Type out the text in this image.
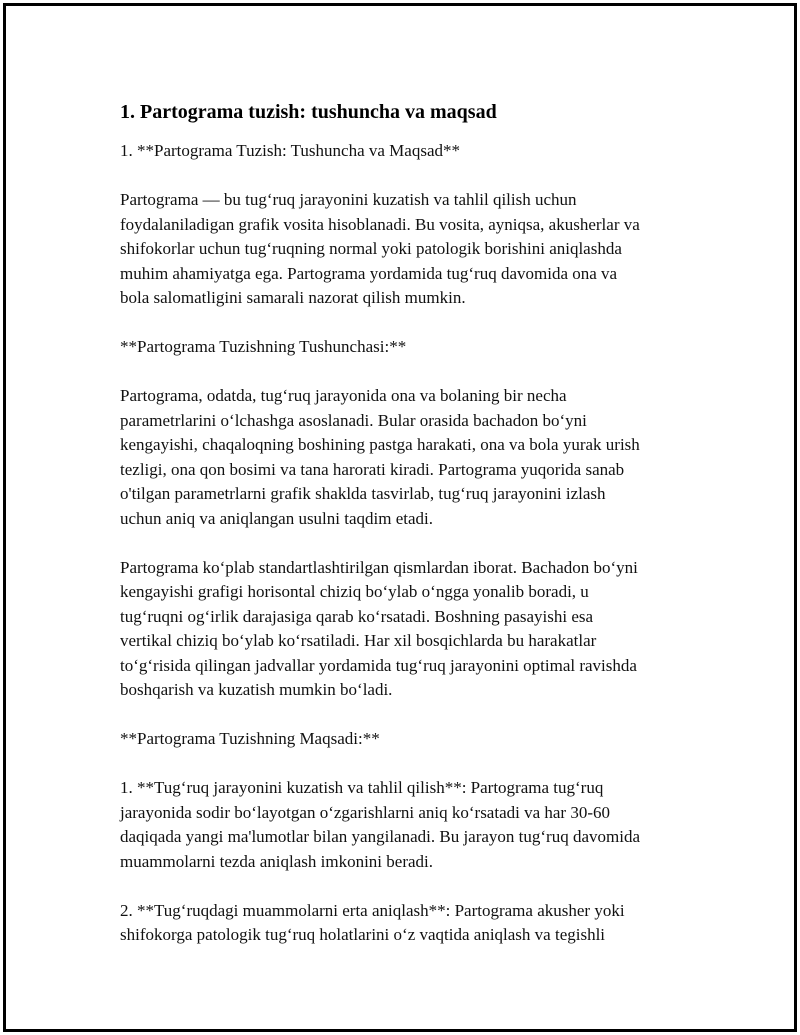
1. Partograma tuzish: tushuncha va maqsad

1. **Partograma Tuzish: Tushuncha va Maqsad**

Partograma — bu tug‘ruq jarayonini kuzatish va tahlil qilish uchun
foydalaniladigan grafik vosita hisoblanadi. Bu vosita, ayniqsa, akusherlar va
shifokorlar uchun tug‘ruqning normal yoki patologik borishini aniqlashda
muhim ahamiyatga ega. Partograma yordamida tug‘ruq davomida ona va
bola salomatligini samarali nazorat qilish mumkin.

**Partograma Tuzishning Tushunchasi:**

Partograma, odatda, tug‘ruq jarayonida ona va bolaning bir necha
parametrlarini o‘lchashga asoslanadi. Bular orasida bachadon bo‘yni
kengayishi, chaqaloqning boshining pastga harakati, ona va bola yurak urish
tezligi, ona qon bosimi va tana harorati kiradi. Partograma yuqorida sanab
o'tilgan parametrlarni grafik shaklda tasvirlab, tug‘ruq jarayonini izlash
uchun aniq va aniqlangan usulni taqdim etadi.

Partograma ko‘plab standartlashtirilgan qismlardan iborat. Bachadon bo‘yni
kengayishi grafigi horisontal chiziq bo‘ylab o‘ngga yonalib boradi, u
tug‘ruqni og‘irlik darajasiga qarab ko‘rsatadi. Boshning pasayishi esa
vertikal chiziq bo‘ylab ko‘rsatiladi. Har xil bosqichlarda bu harakatlar
to‘g‘risida qilingan jadvallar yordamida tug‘ruq jarayonini optimal ravishda
boshqarish va kuzatish mumkin bo‘ladi.

**Partograma Tuzishning Maqsadi:**

1. **Tug‘ruq jarayonini kuzatish va tahlil qilish**: Partograma tug‘ruq
jarayonida sodir bo‘layotgan o‘zgarishlarni aniq ko‘rsatadi va har 30-60
daqiqada yangi ma'lumotlar bilan yangilanadi. Bu jarayon tug‘ruq davomida
muammolarni tezda aniqlash imkonini beradi.

2. **Tug‘ruqdagi muammolarni erta aniqlash**: Partograma akusher yoki
shifokorga patologik tug‘ruq holatlarini o‘z vaqtida aniqlash va tegishli
